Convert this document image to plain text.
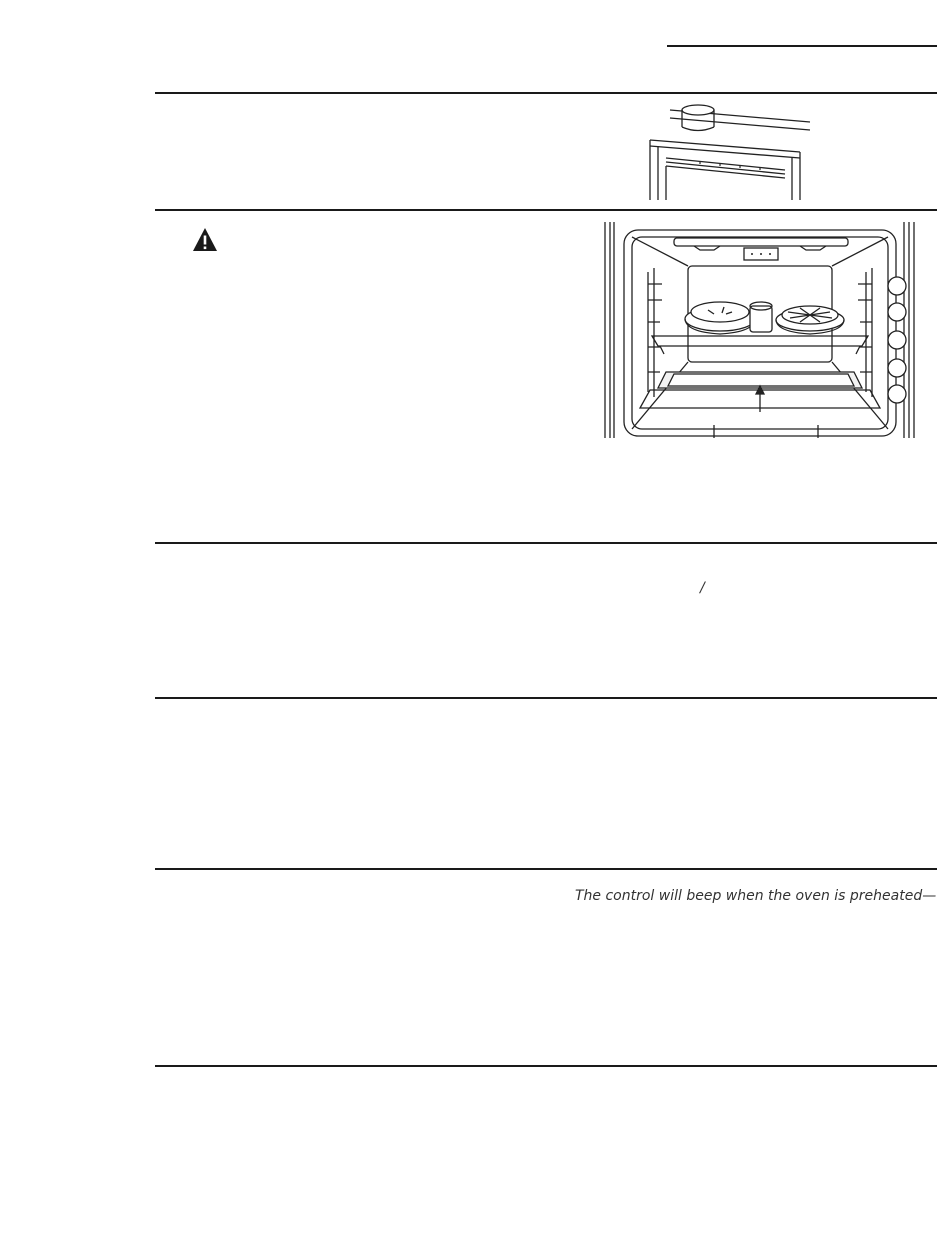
/
The control will beep when the oven is preheated—
